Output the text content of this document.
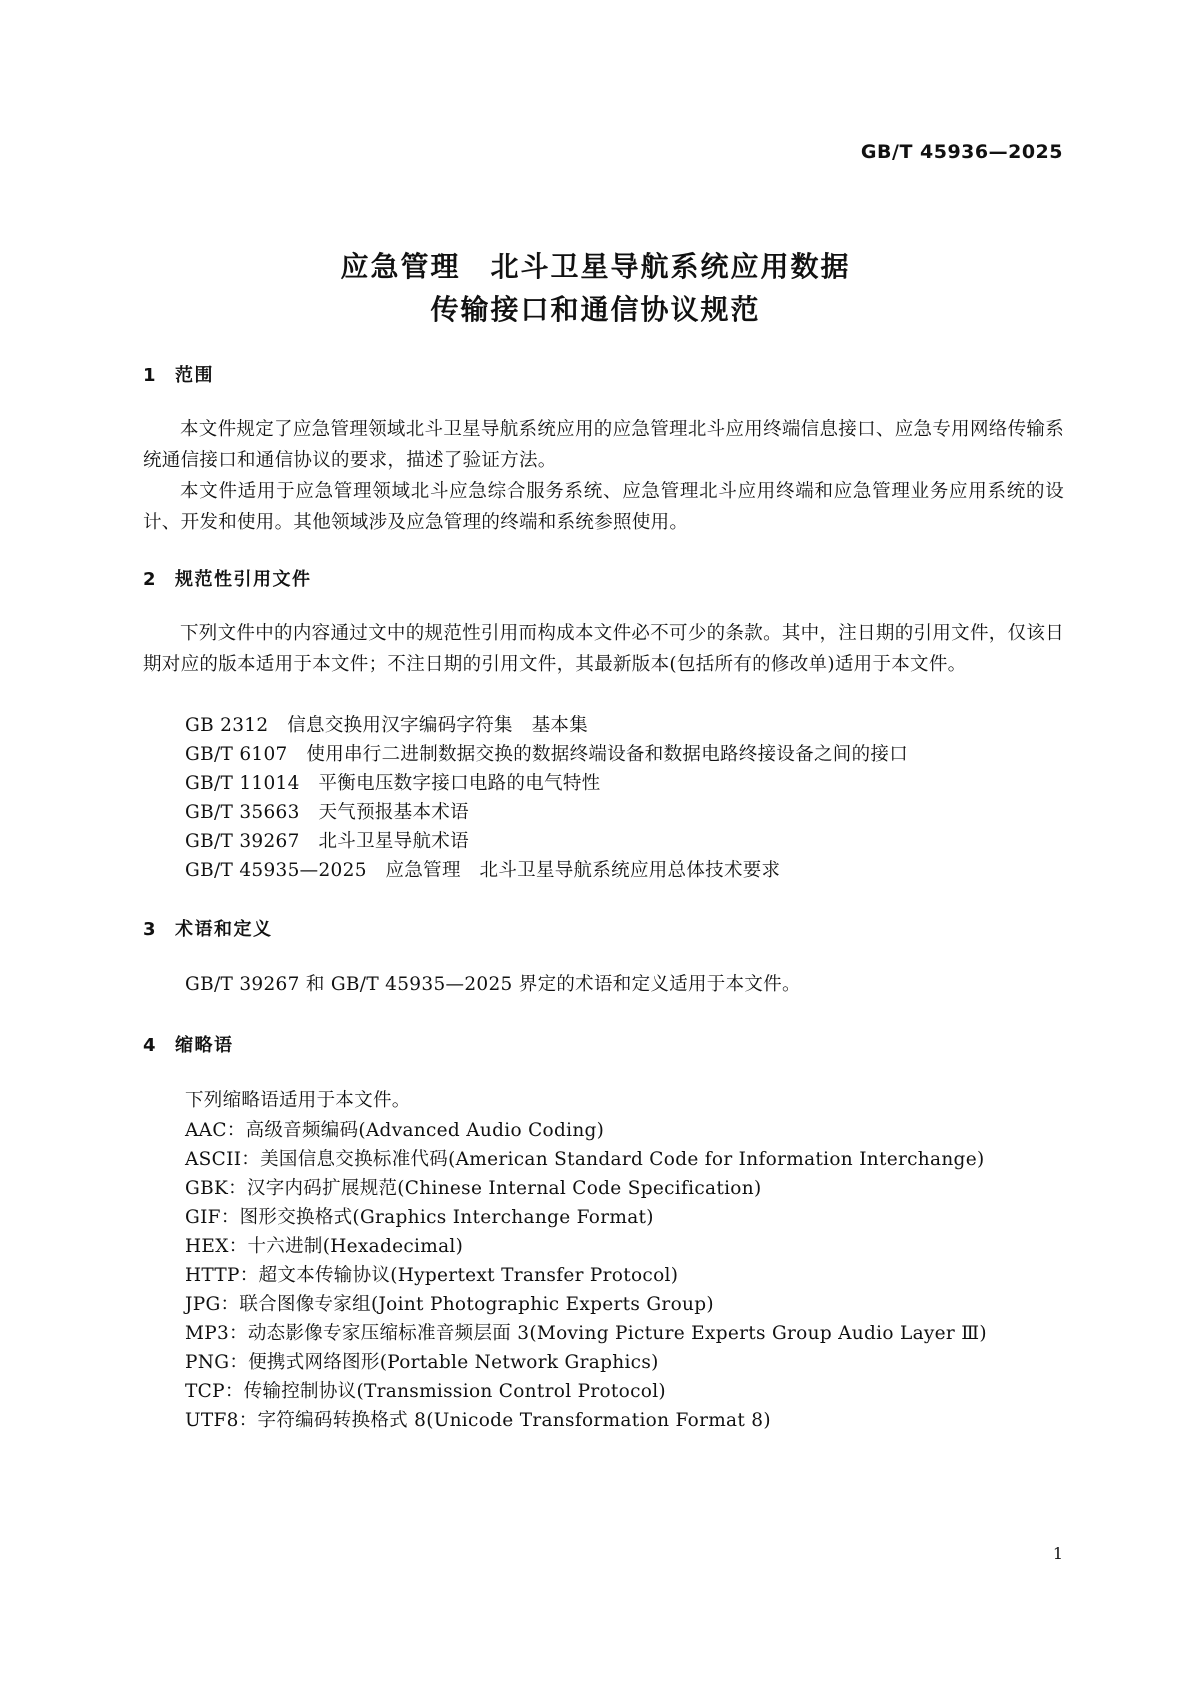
GB/T 45936—2025
应急管理　北斗卫星导航系统应用数据
传输接口和通信协议规范
1 范围
本文件规定了应急管理领域北斗卫星导航系统应用的应急管理北斗应用终端信息接口、应急专用网络传输系统通信接口和通信协议的要求，描述了验证方法。
本文件适用于应急管理领域北斗应急综合服务系统、应急管理北斗应用终端和应急管理业务应用系统的设计、开发和使用。其他领域涉及应急管理的终端和系统参照使用。
2 规范性引用文件
下列文件中的内容通过文中的规范性引用而构成本文件必不可少的条款。其中，注日期的引用文件，仅该日期对应的版本适用于本文件；不注日期的引用文件，其最新版本(包括所有的修改单)适用于本文件。
GB 2312　信息交换用汉字编码字符集　基本集
GB/T 6107　使用串行二进制数据交换的数据终端设备和数据电路终接设备之间的接口
GB/T 11014　平衡电压数字接口电路的电气特性
GB/T 35663　天气预报基本术语
GB/T 39267　北斗卫星导航术语
GB/T 45935—2025　应急管理　北斗卫星导航系统应用总体技术要求
3 术语和定义
GB/T 39267 和 GB/T 45935—2025 界定的术语和定义适用于本文件。
4 缩略语
下列缩略语适用于本文件。
AAC：高级音频编码(Advanced Audio Coding)
ASCII：美国信息交换标准代码(American Standard Code for Information Interchange)
GBK：汉字内码扩展规范(Chinese Internal Code Specification)
GIF：图形交换格式(Graphics Interchange Format)
HEX：十六进制(Hexadecimal)
HTTP：超文本传输协议(Hypertext Transfer Protocol)
JPG：联合图像专家组(Joint Photographic Experts Group)
MP3：动态影像专家压缩标准音频层面 3(Moving Picture Experts Group Audio Layer Ⅲ)
PNG：便携式网络图形(Portable Network Graphics)
TCP：传输控制协议(Transmission Control Protocol)
UTF8：字符编码转换格式 8(Unicode Transformation Format 8)
1
